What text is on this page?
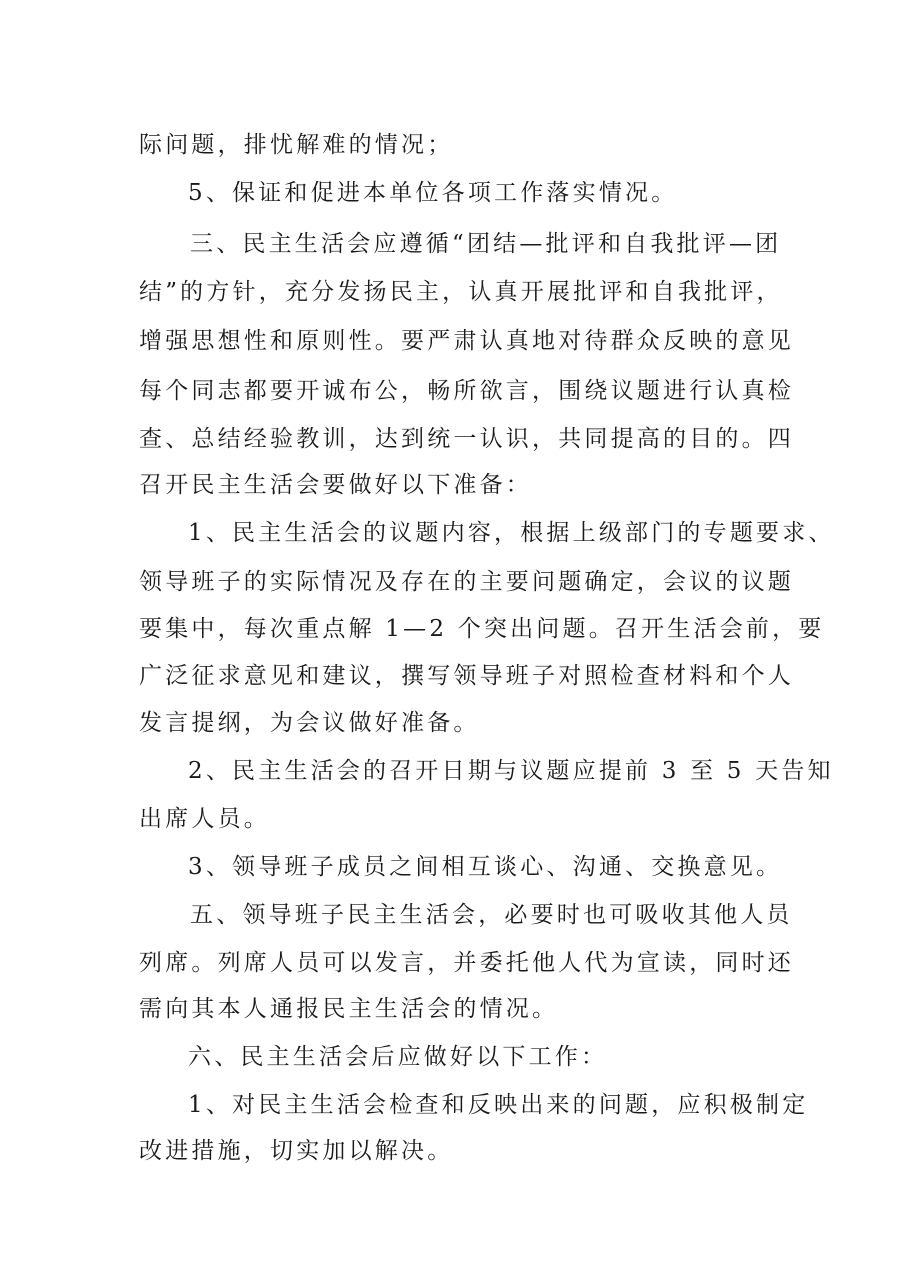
际问题，排忧解难的情况；
5、保证和促进本单位各项工作落实情况。
三、民主生活会应遵循“团结—批评和自我批评—团
结”的方针，充分发扬民主，认真开展批评和自我批评，
增强思想性和原则性。要严肃认真地对待群众反映的意见
每个同志都要开诚布公，畅所欲言，围绕议题进行认真检
查、总结经验教训，达到统一认识，共同提高的目的。四
召开民主生活会要做好以下准备：
1、民主生活会的议题内容，根据上级部门的专题要求、
领导班子的实际情况及存在的主要问题确定，会议的议题
要集中，每次重点解 1—2 个突出问题。召开生活会前，要
广泛征求意见和建议，撰写领导班子对照检查材料和个人
发言提纲，为会议做好准备。
2、民主生活会的召开日期与议题应提前 3 至 5 天告知
出席人员。
3、领导班子成员之间相互谈心、沟通、交换意见。
五、领导班子民主生活会，必要时也可吸收其他人员
列席。列席人员可以发言，并委托他人代为宣读，同时还
需向其本人通报民主生活会的情况。
六、民主生活会后应做好以下工作：
1、对民主生活会检查和反映出来的问题，应积极制定
改进措施，切实加以解决。
